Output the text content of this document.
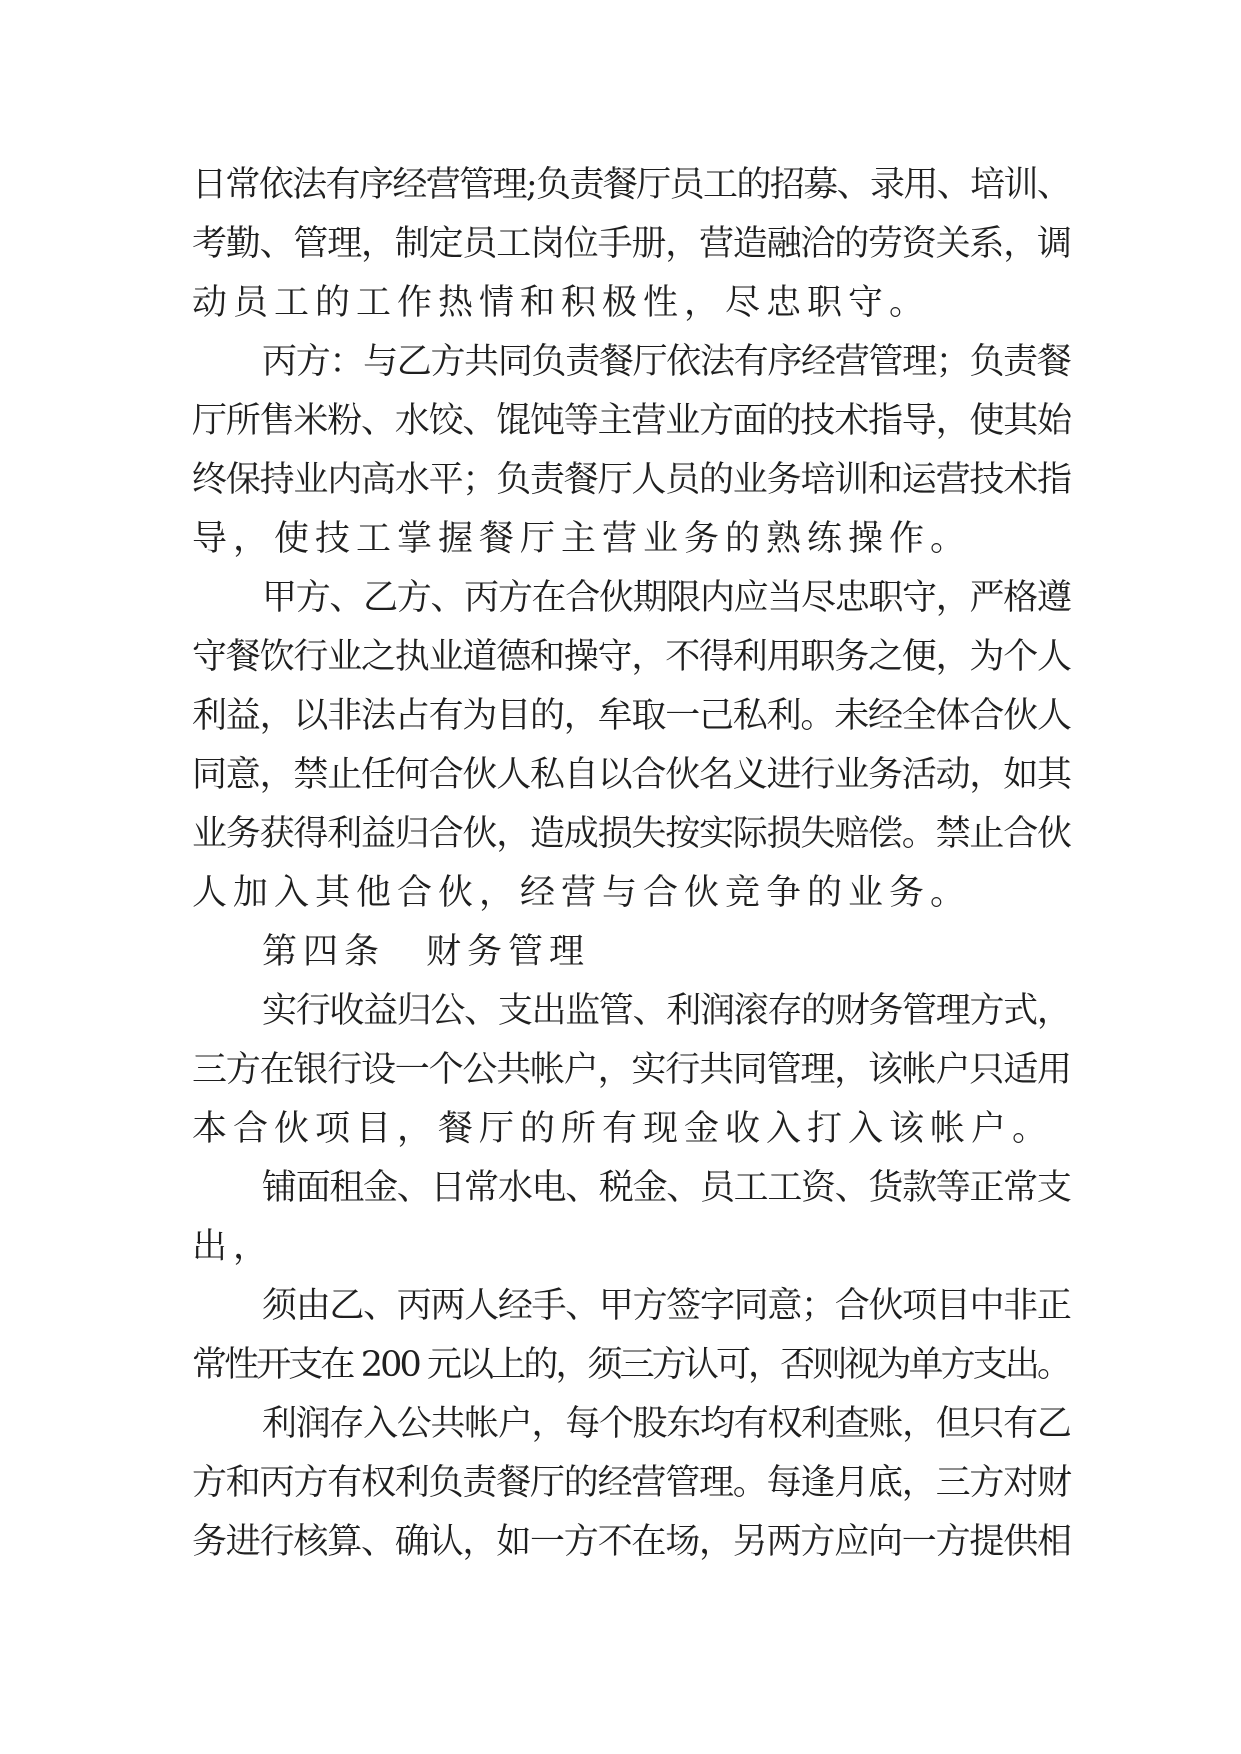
日常依法有序经营管理;负责餐厅员工的招募、录用、培训、
考勤、管理，制定员工岗位手册，营造融洽的劳资关系，调
动员工的工作热情和积极性，尽忠职守。
丙方：与乙方共同负责餐厅依法有序经营管理；负责餐
厅所售米粉、水饺、馄饨等主营业方面的技术指导，使其始
终保持业内高水平；负责餐厅人员的业务培训和运营技术指
导，使技工掌握餐厅主营业务的熟练操作。
甲方、乙方、丙方在合伙期限内应当尽忠职守，严格遵
守餐饮行业之执业道德和操守，不得利用职务之便，为个人
利益，以非法占有为目的，牟取一己私利。未经全体合伙人
同意，禁止任何合伙人私自以合伙名义进行业务活动，如其
业务获得利益归合伙，造成损失按实际损失赔偿。禁止合伙
人加入其他合伙，经营与合伙竞争的业务。
第四条　财务管理
实行收益归公、支出监管、利润滚存的财务管理方式，
三方在银行设一个公共帐户，实行共同管理，该帐户只适用
本合伙项目，餐厅的所有现金收入打入该帐户。
铺面租金、日常水电、税金、员工工资、货款等正常支
出，
须由乙、丙两人经手、甲方签字同意；合伙项目中非正
常性开支在 200 元以上的，须三方认可，否则视为单方支出。
利润存入公共帐户，每个股东均有权利查账，但只有乙
方和丙方有权利负责餐厅的经营管理。每逢月底，三方对财
务进行核算、确认，如一方不在场，另两方应向一方提供相
